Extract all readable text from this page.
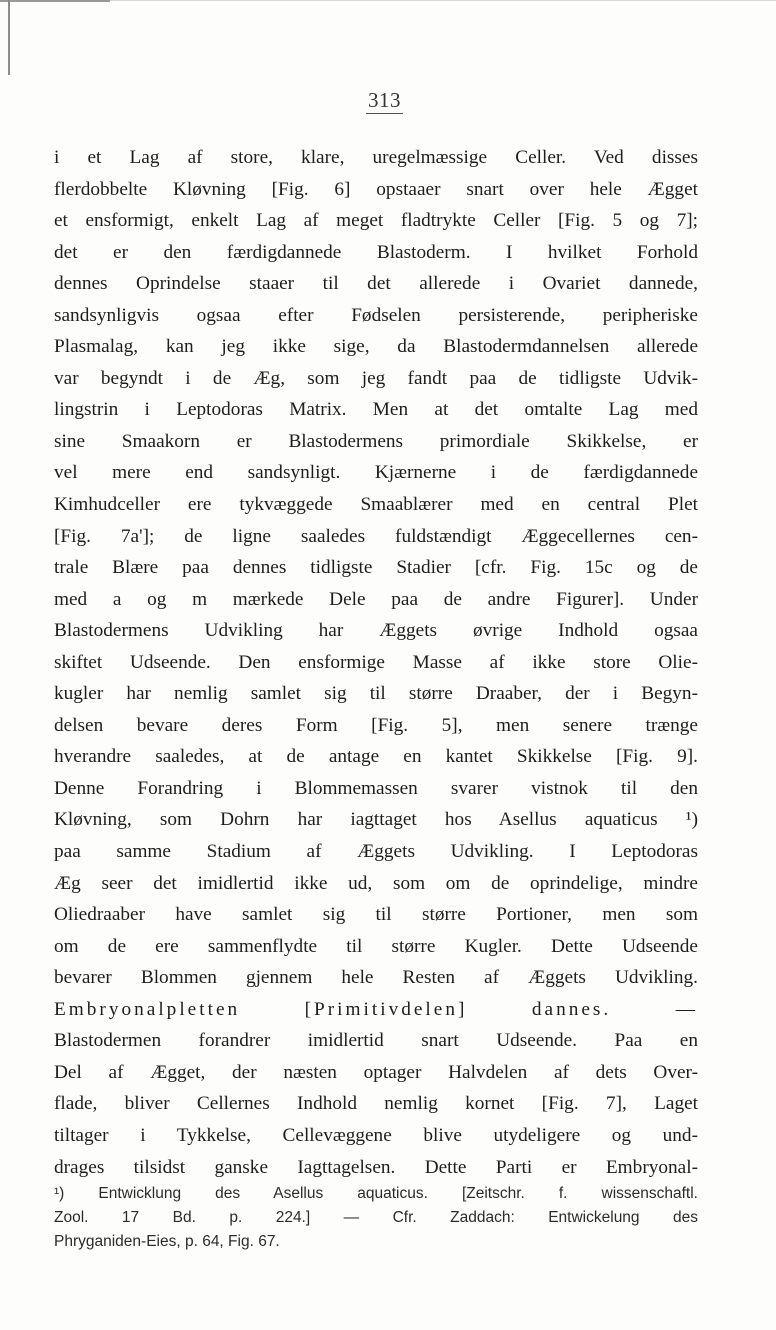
313
i et Lag af store, klare, uregelmæssige Celler. Ved disses
flerdobbelte Kløvning [Fig. 6] opstaaer snart over hele Ægget
et ensformigt, enkelt Lag af meget fladtrykte Celler [Fig. 5 og 7];
det er den færdigdannede Blastoderm. I hvilket Forhold
dennes Oprindelse staaer til det allerede i Ovariet dannede,
sandsynligvis ogsaa efter Fødselen persisterende, peripheriske
Plasmalag, kan jeg ikke sige, da Blastodermdannelsen allerede
var begyndt i de Æg, som jeg fandt paa de tidligste Udvik-
lingstrin i Leptodoras Matrix. Men at det omtalte Lag med
sine Smaakorn er Blastodermens primordiale Skikkelse, er
vel mere end sandsynligt. Kjærnerne i de færdigdannede
Kimhudceller ere tykvæggede Smaablærer med en central Plet
[Fig. 7a']; de ligne saaledes fuldstændigt Æggecellernes cen-
trale Blære paa dennes tidligste Stadier [cfr. Fig. 15c og de
med a og m mærkede Dele paa de andre Figurer]. Under
Blastodermens Udvikling har Æggets øvrige Indhold ogsaa
skiftet Udseende. Den ensformige Masse af ikke store Olie-
kugler har nemlig samlet sig til større Draaber, der i Begyn-
delsen bevare deres Form [Fig. 5], men senere trænge
hverandre saaledes, at de antage en kantet Skikkelse [Fig. 9].
Denne Forandring i Blommemassen svarer vistnok til den
Kløvning, som Dohrn har iagttaget hos Asellus aquaticus ¹)
paa samme Stadium af Æggets Udvikling. I Leptodoras
Æg seer det imidlertid ikke ud, som om de oprindelige, mindre
Oliedraaber have samlet sig til større Portioner, men som
om de ere sammenflydte til større Kugler. Dette Udseende
bevarer Blommen gjennem hele Resten af Æggets Udvikling.
Embryonalpletten [Primitivdelen] dannes. —
Blastodermen forandrer imidlertid snart Udseende. Paa en
Del af Ægget, der næsten optager Halvdelen af dets Over-
flade, bliver Cellernes Indhold nemlig kornet [Fig. 7], Laget
tiltager i Tykkelse, Cellevæggene blive utydeligere og und-
drages tilsidst ganske Iagttagelsen. Dette Parti er Embryonal-
¹) Entwicklung des Asellus aquaticus. [Zeitschr. f. wissenschaftl.
Zool. 17 Bd. p. 224.] — Cfr. Zaddach: Entwickelung des
Phryganiden-Eies, p. 64, Fig. 67.
